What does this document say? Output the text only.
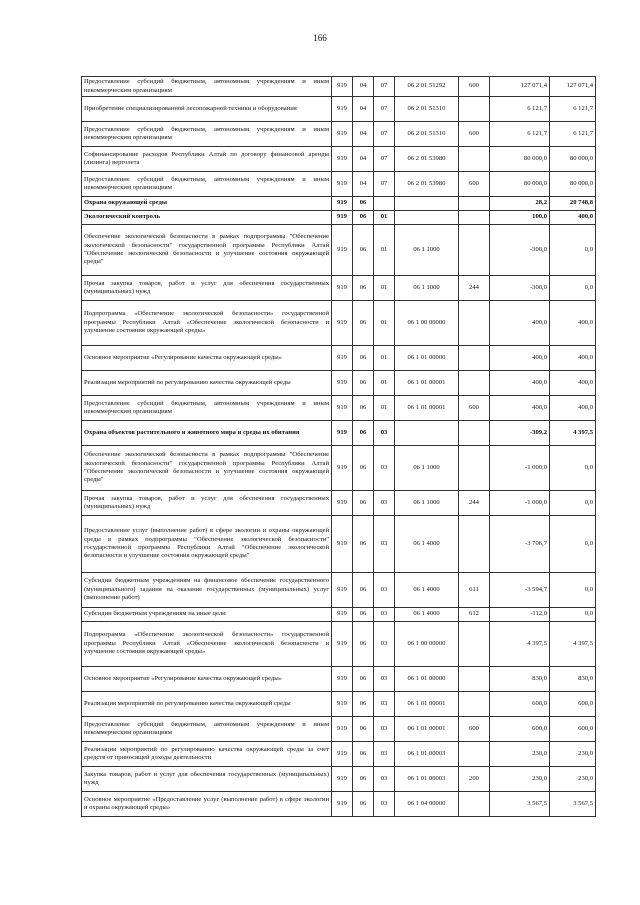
166
Предоставление субсидий бюджетным, автономным учреждениям и иным некоммерческим организациям	919	04	07	06 2 01 51292	600	127 071,4	127 071,4
Приобретение специализированной лесопожарной техники и оборудования	919	04	07	06 2 01 51310		6 121,7	6 121,7
Предоставление субсидий бюджетным, автономным учреждениям и иным некоммерческим организациям	919	04	07	06 2 01 51310	600	6 121,7	6 121,7
Софинансирование расходов Республики Алтай по договору финансовой аренды (лизинга) вертолета	919	04	07	06 2 01 53980		80 000,0	80 000,0
Предоставление субсидий бюджетным, автономным учреждениям и иным некоммерческим организациям	919	04	07	06 2 01 53980	600	80 000,0	80 000,0
Охрана окружающей среды	919	06				28,2	20 748,8
Экологический контроль	919	06	01			100,0	400,0
Обеспечение экологической безопасности в рамках подпрограммы "Обеспечение экологической безопасности" государственной программы Республики Алтай "Обеспечение экологической безопасности и улучшение состояния окружающей среды"	919	06	01	06 1 1000		-300,0	0,0
Прочая закупка товаров, работ и услуг для обеспечения государственных (муниципальных) нужд	919	06	01	06 1 1000	244	-300,0	0,0
Подпрограмма «Обеспечение экологической безопасности» государственной программы Республики Алтай «Обеспечение экологической безопасности и улучшение состояния окружающей среды»	919	06	01	06 1 00 00000		400,0	400,0
Основное мероприятие «Регулирование качества окружающей среды»	919	06	01	06 1 01 00000		400,0	400,0
Реализация мероприятий по регулированию качества окружающей среды	919	06	01	06 1 01 00001		400,0	400,0
Предоставление субсидий бюджетным, автономным учреждениям и иным некоммерческим организациям	919	06	01	06 1 01 00001	600	400,0	400,0
Охрана объектов растительного и животного мира и среды их обитания	919	06	03			-309,2	4 397,5
Обеспечение экологической безопасности в рамках подпрограммы "Обеспечение экологической безопасности" государственной программы Республики Алтай "Обеспечение экологической безопасности и улучшение состояния окружающей среды"	919	06	03	06 1 1000		-1 000,0	0,0
Прочая закупка товаров, работ и услуг для обеспечения государственных (муниципальных) нужд	919	06	03	06 1 1000	244	-1 000,0	0,0
Предоставление услуг (выполнение работ) в сфере экологии и охраны окружающей среды в рамках подпрограммы "Обеспечение экологической безопасности" государственной программы Республики Алтай "Обеспечение экологической безопасности и улучшение состояния окружающей среды"	919	06	03	06 1 4000		-3 706,7	0,0
Субсидии бюджетным учреждениям на финансовое обеспечение государственного (муниципального) задания на оказание государственных (муниципальных) услуг (выполнение работ)	919	06	03	06 1 4000	611	-3 594,7	0,0
Субсидии бюджетным учреждениям на иные цели	919	06	03	06 1 4000	612	-112,0	0,0
Подпрограмма «Обеспечение экологической безопасности» государственной программы Республики Алтай «Обеспечение экологической безопасности и улучшение состояния окружающей среды»	919	06	03	06 1 00 00000		4 397,5	4 397,5
Основное мероприятие «Регулирование качества окружающей среды»	919	06	03	06 1 01 00000		830,0	830,0
Реализация мероприятий по регулированию качества окружающей среды	919	06	03	06 1 01 00001		600,0	600,0
Предоставление субсидий бюджетным, автономным учреждениям и иным некоммерческим организациям	919	06	03	06 1 01 00001	600	600,0	600,0
Реализация мероприятий по регулированию качества окружающей среды за счет средств от приносящей доходы деятельности	919	06	03	06 1 01 00003		230,0	230,0
Закупка товаров, работ и услуг для обеспечения государственных (муниципальных) нужд	919	06	03	06 1 01 00003	200	230,0	230,0
Основное мероприятие «Предоставление услуг (выполнение работ) в сфере экологии и охраны окружающей среды»	919	06	03	06 1 04 00000		3 567,5	3 567,5
